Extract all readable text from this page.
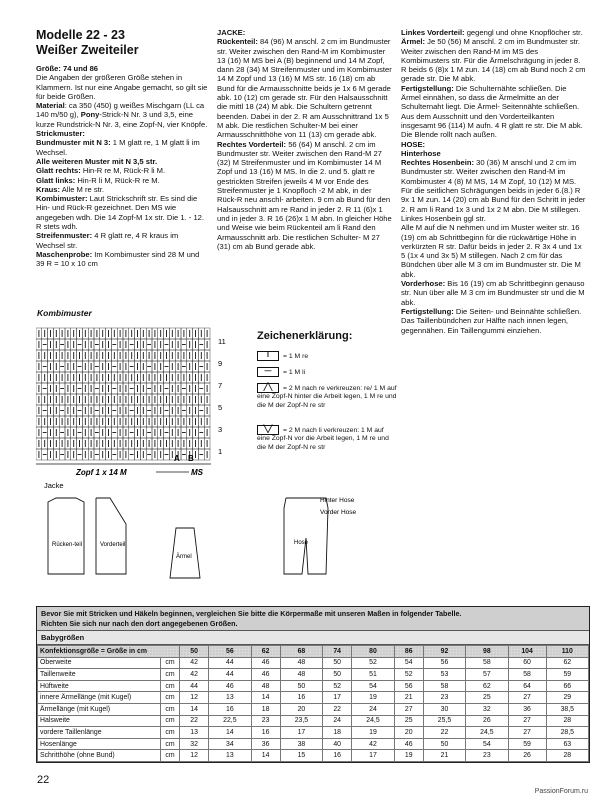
Modelle 22 - 23
Weißer Zweiteiler
Größe: 74 und 86
Die Angaben der größeren Größe stehen in Klammern. Ist nur eine Angabe gemacht, so gilt sie für beide Größen.
Material: ca 350 (450) g weißes Mischgarn (LL ca 140 m/50 g), Pony-Strick-N Nr. 3 und 3,5, eine kurze Rundstrick-N Nr. 3, eine Zopf-N, vier Knöpfe.
Strickmuster:
Bundmuster mit N 3: 1 M glatt re, 1 M glatt li im Wechsel.
Alle weiteren Muster mit N 3,5 str.
Glatt rechts: Hin-R re M, Rück-R li M.
Glatt links: Hin-R li M, Rück-R re M.
Kraus: Alle M re str.
Kombimuster: Laut Strickschrift str. Es sind die Hin- und Rück-R gezeichnet. Den MS wie angegeben wdh. Die 14 Zopf-M 1x str. Die 1. - 12. R stets wdh.
Streifenmuster: 4 R glatt re, 4 R kraus im Wechsel str.
Maschenprobe: Im Kombimuster sind 28 M und 39 R = 10 x 10 cm
JACKE:
Rückenteil: 84 (96) M anschl. 2 cm im Bundmuster str. Weiter zwischen den Rand-M im Kombimuster 13 (16) M MS bei A (B) beginnend und 14 M Zopf, dann 28 (34) M Streifenmuster und im Kombimuster 14 M Zopf und 13 (16) M MS str. 16 (18) cm ab Bund für die Armausschnitte beids je 1x 6 M gerade abk. 10 (12) cm gerade str. Für den Halsausschnitt die mittl 18 (24) M abk. Die Schultern getrennt beenden. Dabei in der 2. R am Ausschnittrand 1x 5 M abk. Die restlichen Schulter-M bei einer Armausschnitthöhe von 11 (13) cm gerade abk.
Rechtes Vorderteil: 56 (64) M anschl. 2 cm im Bundmuster str. Weiter zwischen den Rand-M 27 (32) M Streifenmuster und im Kombimuster 14 M Zopf und 13 (16) M MS. In die 2. und 5. glatt re gestrickten Streifen jeweils 4 M vor Ende des Streifenmuster je 1 Knopfloch -2 M abk, in der Rück-R neu anschl- arbeiten. 9 cm ab Bund für den Halsausschnitt am re Rand in jeder 2. R 11 (6)x 1 und in jeder 3. R 16 (26)x 1 M abn. In gleicher Höhe und Weise wie beim Rückenteil am li Rand den Armausschnitt arb. Die restlichen Schulter- M 27 (31) cm ab Bund gerade abk.
Linkes Vorderteil: gegengl und ohne Knopflöcher str.
Ärmel: Je 50 (56) M anschl. 2 cm im Bundmuster str. Weiter zwischen den Rand-M im MS des Kombimusters str. Für die Ärmelschrägung in jeder 8. R beids 6 (8)x 1 M zun. 14 (18) cm ab Bund noch 2 cm gerade str. Die M abk.
Fertigstellung: Die Schulternähte schließen. Die Ärmel einnähen, so dass die Ärmelmitte an der Schulternaht liegt. Die Ärmel- Seitennähte schließen. Aus dem Ausschnitt und den Vorderteilkanten insgesamt 96 (114) M aufn. 4 R glatt re str. Die M abk. Die Blende rollt nach außen.
HOSE:
Hinterhose
Rechtes Hosenbein: 30 (36) M anschl und 2 cm im Bundmuster str. Weiter zwischen den Rand-M im Kombimuster 4 (8) M MS, 14 M Zopf, 10 (12) M MS. Für die seitlichen Schrägungen beids in jeder 6.(8.) R 9x 1 M zun. 14 (20) cm ab Bund für den Schritt in jeder 2. R am li Rand 1x 3 und 1x 2 M abn. Die M stillegen. Linkes Hosenbein ggl str.
Alle M auf die N nehmen und im Muster weiter str. 16 (19) cm ab Schrittbeginn für die rückwärtige Höhe in verkürzten R str. Dafür beids in jeder 2. R 3x 4 und 1x 5 (1x 4 und 3x 5) M stillegen. Nach 2 cm für das Bündchen über alle M 3 cm im Bundmuster str. Die M abk.
Vorderhose: Bis 16 (19) cm ab Schrittbeginn genauso str. Nun über alle M 3 cm im Bundmuster str und die M abk.
Fertigstellung: Die Seiten- und Beinnähte schließen. Das Taillenbündchen zur Hälfte nach innen legen, gegennähen. Ein Taillengummi einziehen.
Kombimuster
11
9
7
5
3
1
A B
Zopf 1 x 14 M	MS
Zeichenerklärung:
I = 1 M re
— = 1 M li
╱╲ = 2 M nach re verkreuzen: re/ 1 M auf eine Zopf-N hinter die Arbeit legen, 1 M re und die M der Zopf-N re str
╲╱ = 2 M nach li verkreuzen: 1 M auf eine Zopf-N vor die Arbeit legen, 1 M re und die M der Zopf-N re str
Jacke
Rücken-teil	Vorderteil
Ärmel
Hose
Hinter Hose
Vorder Hose
Bevor Sie mit Stricken und Häkeln beginnen, vergleichen Sie bitte die Körpermaße mit unseren Maßen in folgender Tabelle.
Richten Sie sich nur nach den dort angegebenen Größen.
Babygrößen
Konfektionsgröße = Größe in cm		50	56	62	68	74	80	86	92	98	104	110
Oberweite	cm	42	44	46	48	50	52	54	56	58	60	62
Taillenweite	cm	42	44	46	48	50	51	52	53	57	58	59
Hüftweite	cm	44	46	48	50	52	54	56	58	62	64	66
innere Ärmellänge (mit Kugel)	cm	12	13	14	16	17	19	21	23	25	27	29
Ärmellänge (mit Kugel)	cm	14	16	18	20	22	24	27	30	32	36	38,5
Halsweite	cm	22	22,5	23	23,5	24	24,5	25	25,5	26	27	28
vordere Taillenlänge	cm	13	14	16	17	18	19	20	22	24,5	27	28,5
Hosenlänge	cm	32	34	36	38	40	42	46	50	54	59	63
Schritthöhe (ohne Bund)	cm	12	13	14	15	16	17	19	21	23	26	28
22
PassionForum.ru
